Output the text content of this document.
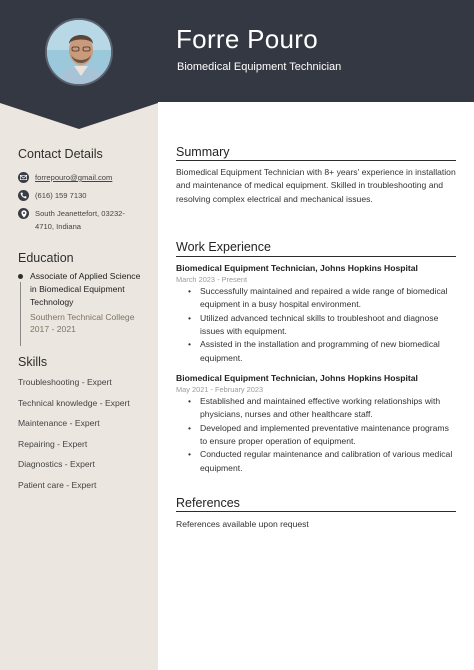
Forre Pouro
Biomedical Equipment Technician
Contact Details
forrepouro@gmail.com
(616) 159 7130
South Jeanettefort, 03232-
4710, Indiana
Education
Associate of Applied Science in Biomedical Equipment Technology
Southern Technical College
2017 - 2021
Skills
Troubleshooting - Expert
Technical knowledge - Expert
Maintenance - Expert
Repairing - Expert
Diagnostics - Expert
Patient care - Expert
Summary
Biomedical Equipment Technician with 8+ years' experience in installation and maintenance of medical equipment. Skilled in troubleshooting and resolving complex electrical and mechanical issues.
Work Experience
Biomedical Equipment Technician, Johns Hopkins Hospital
March 2023 - Present
• Successfully maintained and repaired a wide range of biomedical equipment in a busy hospital environment.
• Utilized advanced technical skills to troubleshoot and diagnose issues with equipment.
• Assisted in the installation and programming of new biomedical equipment.
Biomedical Equipment Technician, Johns Hopkins Hospital
May 2021 - February 2023
• Established and maintained effective working relationships with physicians, nurses and other healthcare staff.
• Developed and implemented preventative maintenance programs to ensure proper operation of equipment.
• Conducted regular maintenance and calibration of various medical equipment.
References
References available upon request
